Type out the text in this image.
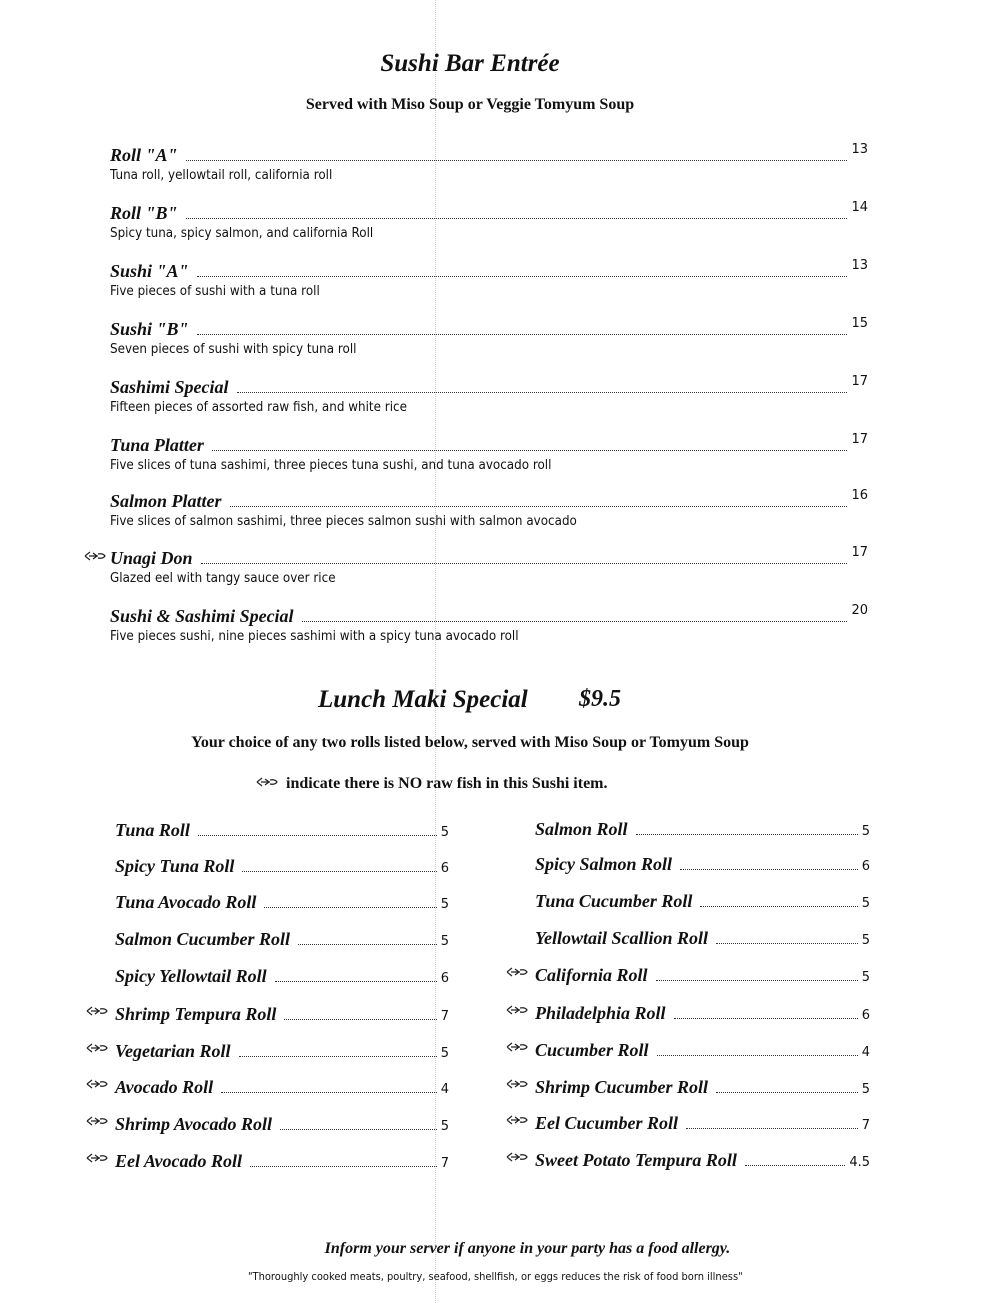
Sushi Bar Entrée
Served with Miso Soup or Veggie Tomyum Soup
Roll "A"	13
Tuna roll, yellowtail roll, california roll
Roll "B"	14
Spicy tuna, spicy salmon, and california Roll
Sushi "A"	13
Five pieces of sushi with a tuna roll
Sushi "B"	15
Seven pieces of sushi with spicy tuna roll
Sashimi Special	17
Fifteen pieces of assorted raw fish, and white rice
Tuna Platter	17
Five slices of tuna sashimi, three pieces tuna sushi, and tuna avocado roll
Salmon Platter	16
Five slices of salmon sashimi, three pieces salmon sushi with salmon avocado
Unagi Don	17
Glazed eel with tangy sauce over rice
Sushi & Sashimi Special	20
Five pieces sushi, nine pieces sashimi with a spicy tuna avocado roll
Lunch Maki Special $9.5
Your choice of any two rolls listed below, served with Miso Soup or Tomyum Soup
indicate there is NO raw fish in this Sushi item.
Tuna Roll	5
Spicy Tuna Roll	6
Tuna Avocado Roll	5
Salmon Cucumber Roll	5
Spicy Yellowtail Roll	6
Shrimp Tempura Roll	7
Vegetarian Roll	5
Avocado Roll	4
Shrimp Avocado Roll	5
Eel Avocado Roll	7
Salmon Roll	5
Spicy Salmon Roll	6
Tuna Cucumber Roll	5
Yellowtail Scallion Roll	5
California Roll	5
Philadelphia Roll	6
Cucumber Roll	4
Shrimp Cucumber Roll	5
Eel Cucumber Roll	7
Sweet Potato Tempura Roll	4.5
Inform your server if anyone in your party has a food allergy.
"Thoroughly cooked meats, poultry, seafood, shellfish, or eggs reduces the risk of food born illness"
